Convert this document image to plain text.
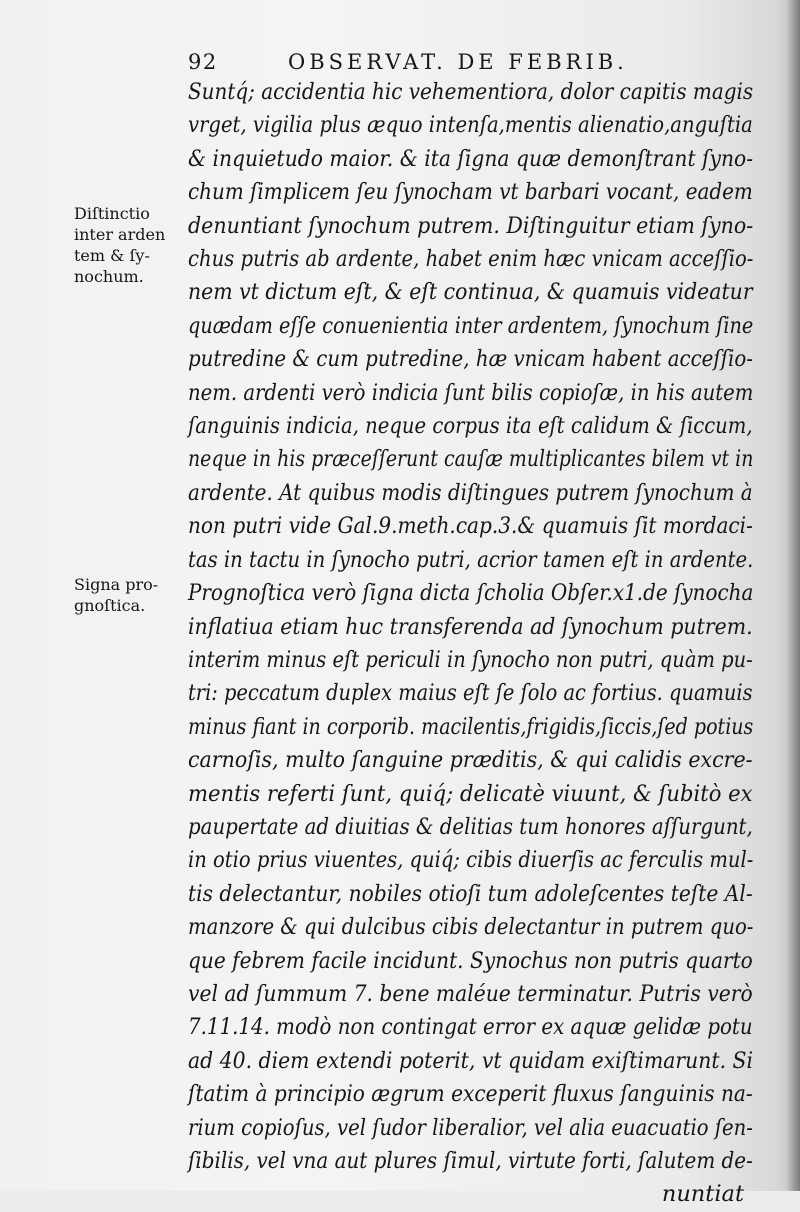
92	OBSERVAT. DE FEBRIB.
Diſtinctio
inter arden
tem & ſy-
nochum.
Signa pro-
gnoſtica.
Suntq́; accidentia hic vehementiora, dolor capitis magis
vrget, vigilia plus æquo intenſa,mentis alienatio,anguſtia
& inquietudo maior. & ita ſigna quæ demonſtrant ſyno-
chum ſimplicem ſeu ſynocham vt barbari vocant, eadem
denuntiant ſynochum putrem. Diſtinguitur etiam ſyno-
chus putris ab ardente, habet enim hæc vnicam acceſſio-
nem vt dictum eſt, & eſt continua, & quamuis videatur
quædam eſſe conuenientia inter ardentem, ſynochum ſine
putredine & cum putredine, hæ vnicam habent acceſſio-
nem. ardenti verò indicia ſunt bilis copioſæ, in his autem
ſanguinis indicia, neque corpus ita eſt calidum & ſiccum,
neque in his præceſſerunt cauſæ multiplicantes bilem vt in
ardente. At quibus modis diſtingues putrem ſynochum à
non putri vide Gal.9.meth.cap.3.& quamuis ſit mordaci-
tas in tactu in ſynocho putri, acrior tamen eſt in ardente.
Prognoſtica verò ſigna dicta ſcholia Obſer.x1.de ſynocha
inflatiua etiam huc transferenda ad ſynochum putrem.
interim minus eſt periculi in ſynocho non putri, quàm pu-
tri: peccatum duplex maius eſt ſe ſolo ac fortius. quamuis
minus fiant in corporib. macilentis,frigidis,ſiccis,ſed potius
carnoſis, multo ſanguine præditis, & qui calidis excre-
mentis referti ſunt, quiq́; delicatè viuunt, & ſubitò ex
paupertate ad diuitias & delitias tum honores aſſurgunt,
in otio prius viuentes, quiq́; cibis diuerſis ac ferculis mul-
tis delectantur, nobiles otioſi tum adoleſcentes teſte Al-
manzore & qui dulcibus cibis delectantur in putrem quo-
que febrem facile incidunt. Synochus non putris quarto
vel ad ſummum 7. bene maléue terminatur. Putris verò
7.11.14. modò non contingat error ex aquæ gelidæ potu
ad 40. diem extendi poterit, vt quidam exiſtimarunt. Si
ſtatim à principio ægrum exceperit fluxus ſanguinis na-
rium copioſus, vel ſudor liberalior, vel alia euacuatio ſen-
ſibilis, vel vna aut plures ſimul, virtute forti, ſalutem de-
nuntiat
